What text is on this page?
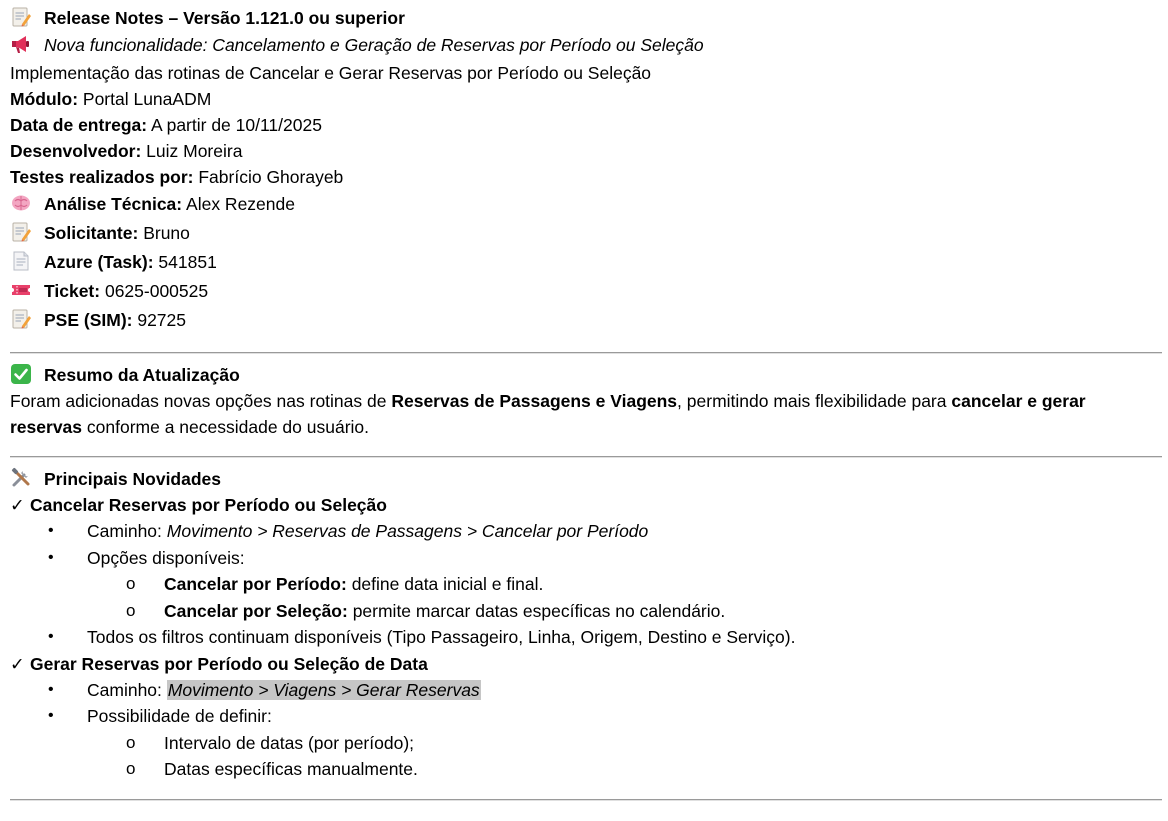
Release Notes – Versão 1.121.0 ou superior
Nova funcionalidade: Cancelamento e Geração de Reservas por Período ou Seleção
Implementação das rotinas de Cancelar e Gerar Reservas por Período ou Seleção
Módulo: Portal LunaADM
Data de entrega: A partir de 10/11/2025
Desenvolvedor: Luiz Moreira
Testes realizados por: Fabrício Ghorayeb
Análise Técnica: Alex Rezende
Solicitante: Bruno
Azure (Task): 541851
Ticket: 0625-000525
PSE (SIM): 92725
Resumo da Atualização
Foram adicionadas novas opções nas rotinas de Reservas de Passagens e Viagens, permitindo mais flexibilidade para cancelar e gerar reservas conforme a necessidade do usuário.
Principais Novidades
✓ Cancelar Reservas por Período ou Seleção
• Caminho: Movimento > Reservas de Passagens > Cancelar por Período
• Opções disponíveis:
o Cancelar por Período: define data inicial e final.
o Cancelar por Seleção: permite marcar datas específicas no calendário.
• Todos os filtros continuam disponíveis (Tipo Passageiro, Linha, Origem, Destino e Serviço).
✓ Gerar Reservas por Período ou Seleção de Data
• Caminho: Movimento > Viagens > Gerar Reservas
• Possibilidade de definir:
o Intervalo de datas (por período);
o Datas específicas manualmente.
